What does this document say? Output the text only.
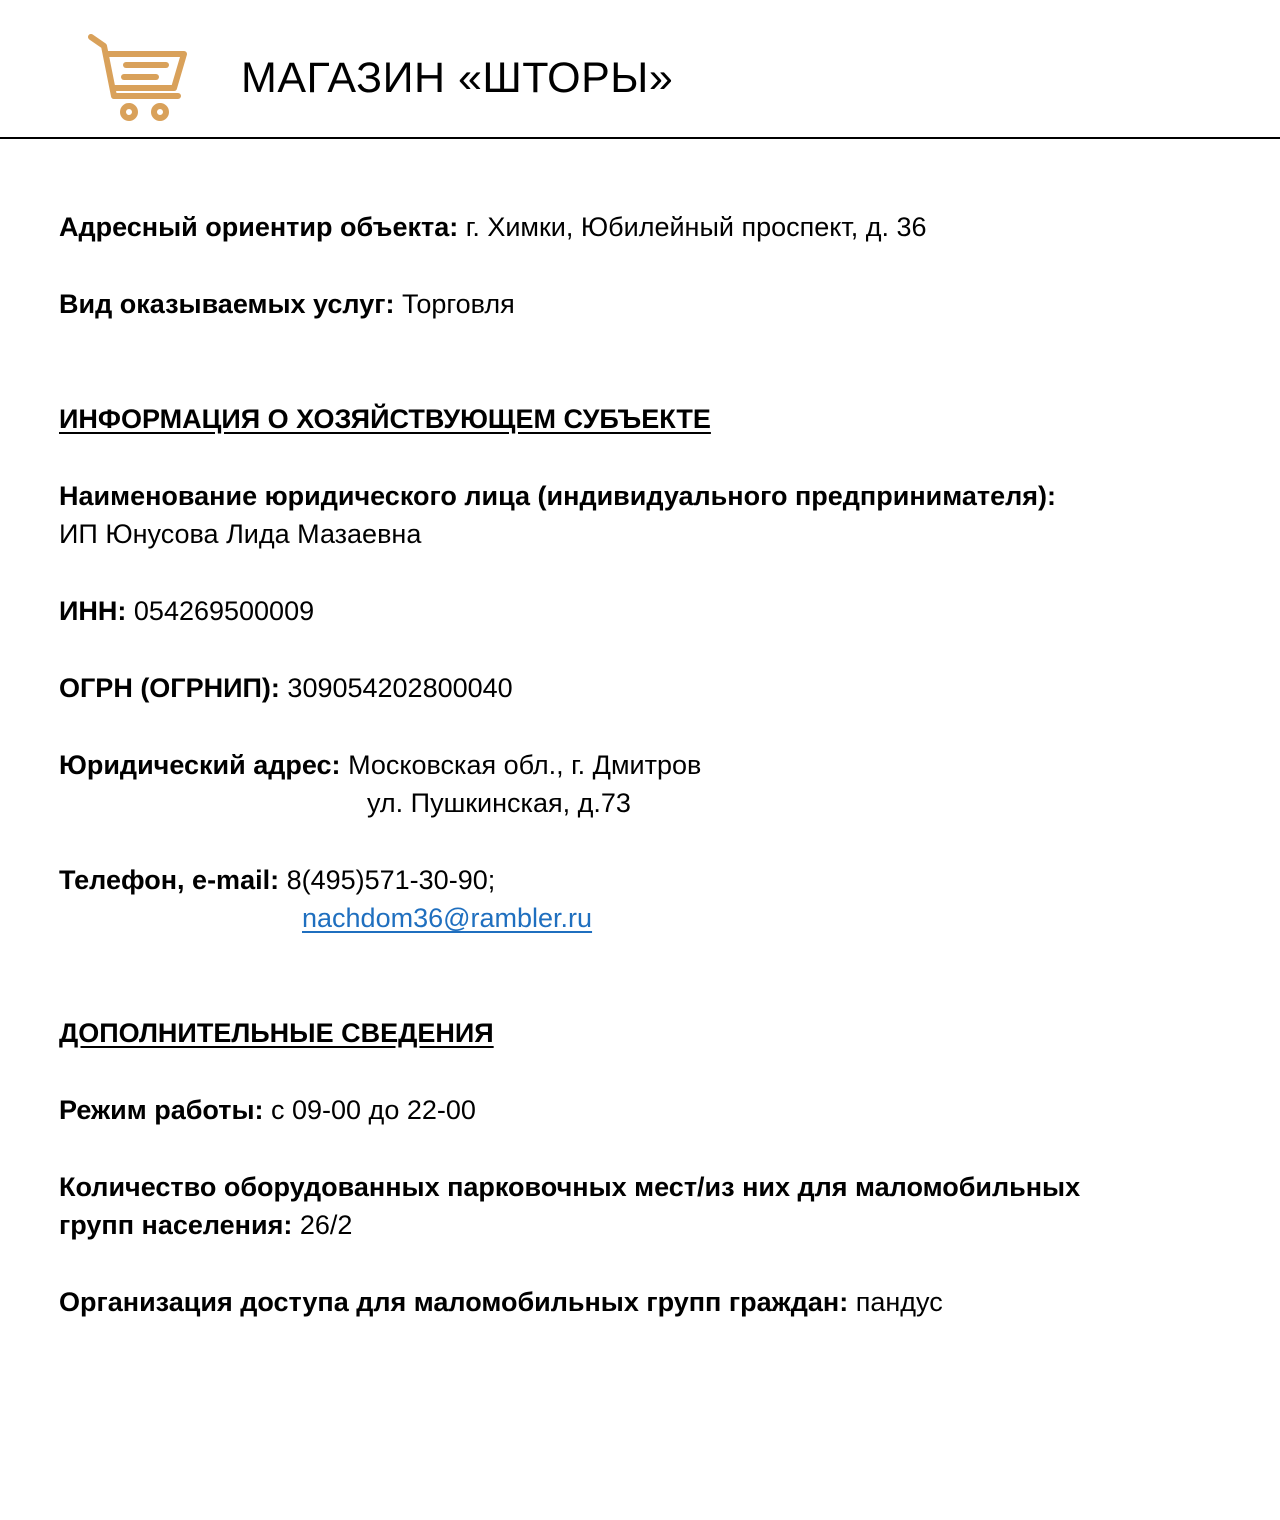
МАГАЗИН «ШТОРЫ»
Адресный ориентир объекта: г. Химки, Юбилейный проспект, д. 36
Вид оказываемых услуг: Торговля
ИНФОРМАЦИЯ О ХОЗЯЙСТВУЮЩЕМ СУБЪЕКТЕ
Наименование юридического лица (индивидуального предпринимателя):
ИП Юнусова Лида Мазаевна
ИНН: 054269500009
ОГРН (ОГРНИП): 309054202800040
Юридический адрес: Московская обл., г. Дмитров
ул. Пушкинская, д.73
Телефон, e-mail: 8(495)571-30-90;
nachdom36@rambler.ru
ДОПОЛНИТЕЛЬНЫЕ СВЕДЕНИЯ
Режим работы: с 09-00 до 22-00
Количество оборудованных парковочных мест/из них для маломобильных
групп населения: 26/2
Организация доступа для маломобильных групп граждан: пандус
